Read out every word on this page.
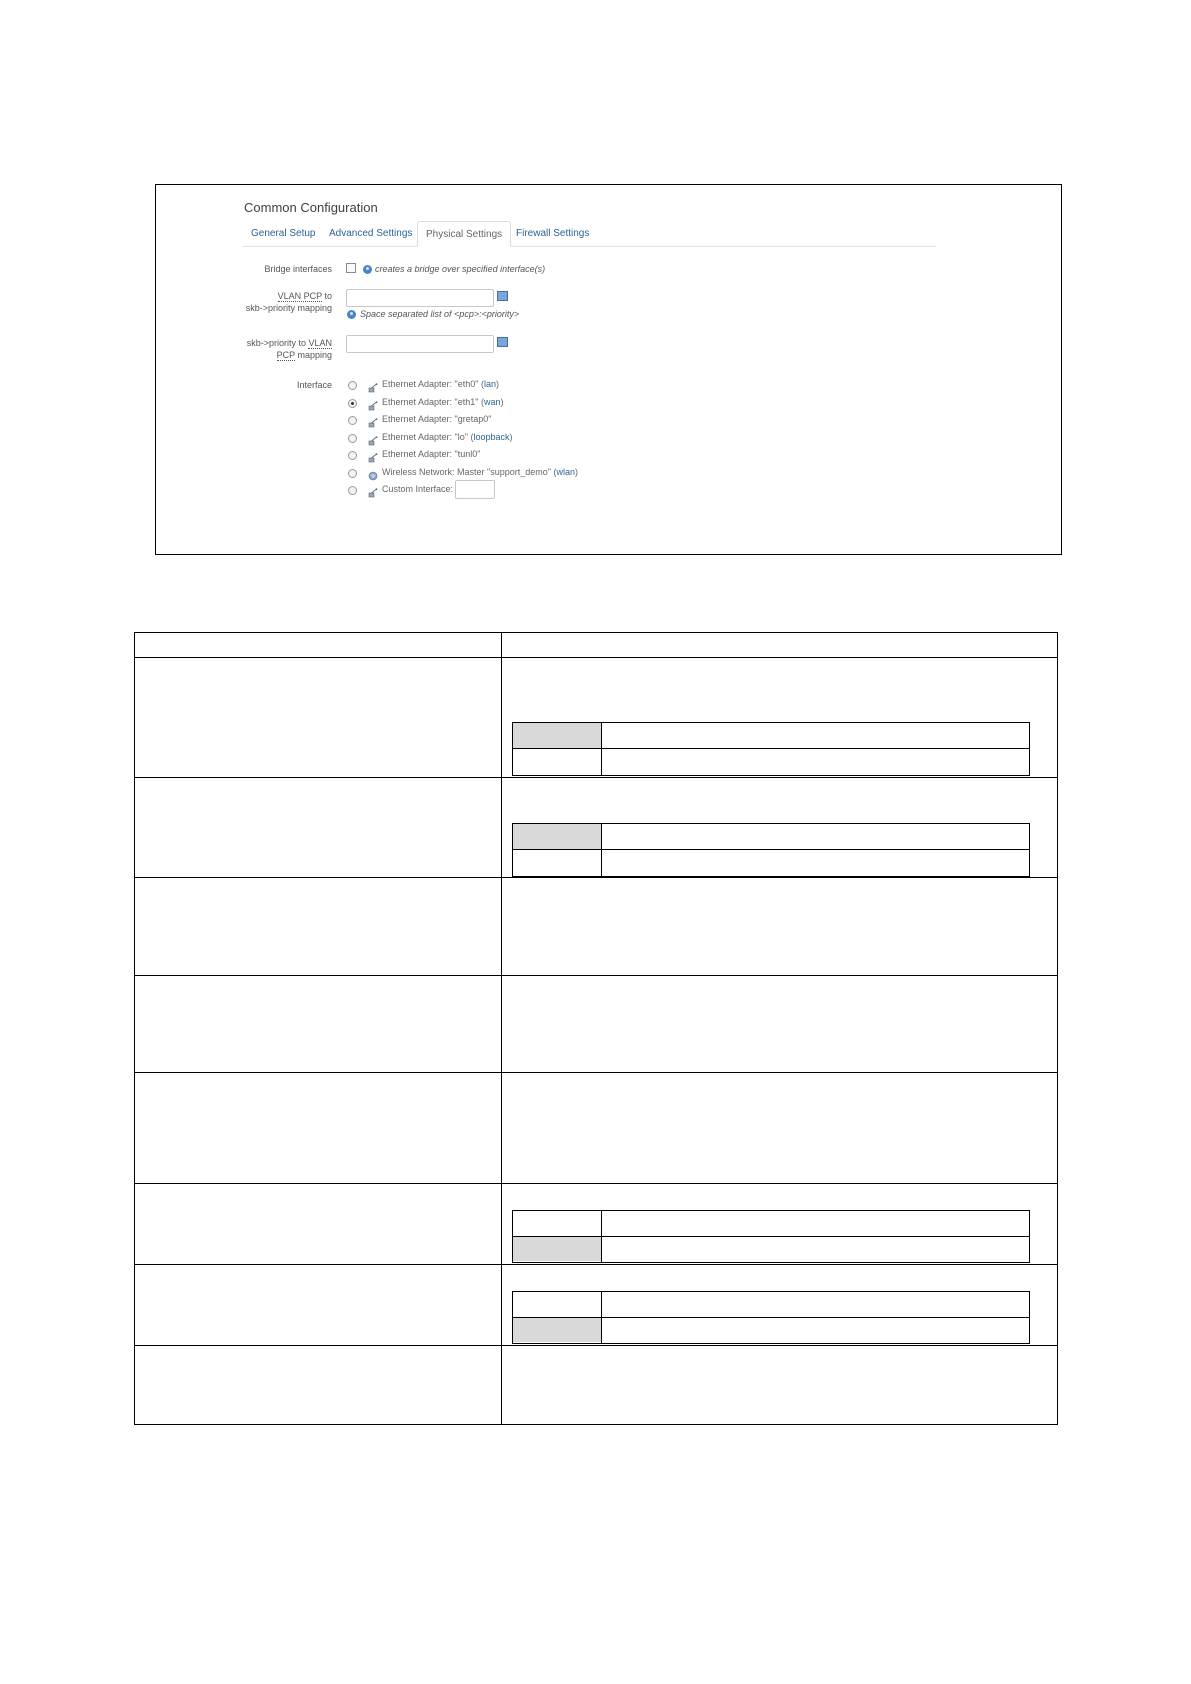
Common Configuration
General Setup	Advanced Settings	Physical Settings	Firewall Settings
Bridge interfaces	creates a bridge over specified interface(s)
VLAN PCP to
skb->priority mapping
Space separated list of <pcp>:<priority>
skb->priority to VLAN
PCP mapping
Interface	Ethernet Adapter: "eth0" (lan)
Ethernet Adapter: "eth1" (wan)
Ethernet Adapter: "gretap0"
Ethernet Adapter: "lo" (loopback)
Ethernet Adapter: "tunl0"
Wireless Network: Master "support_demo" (wlan)
Custom Interface:
